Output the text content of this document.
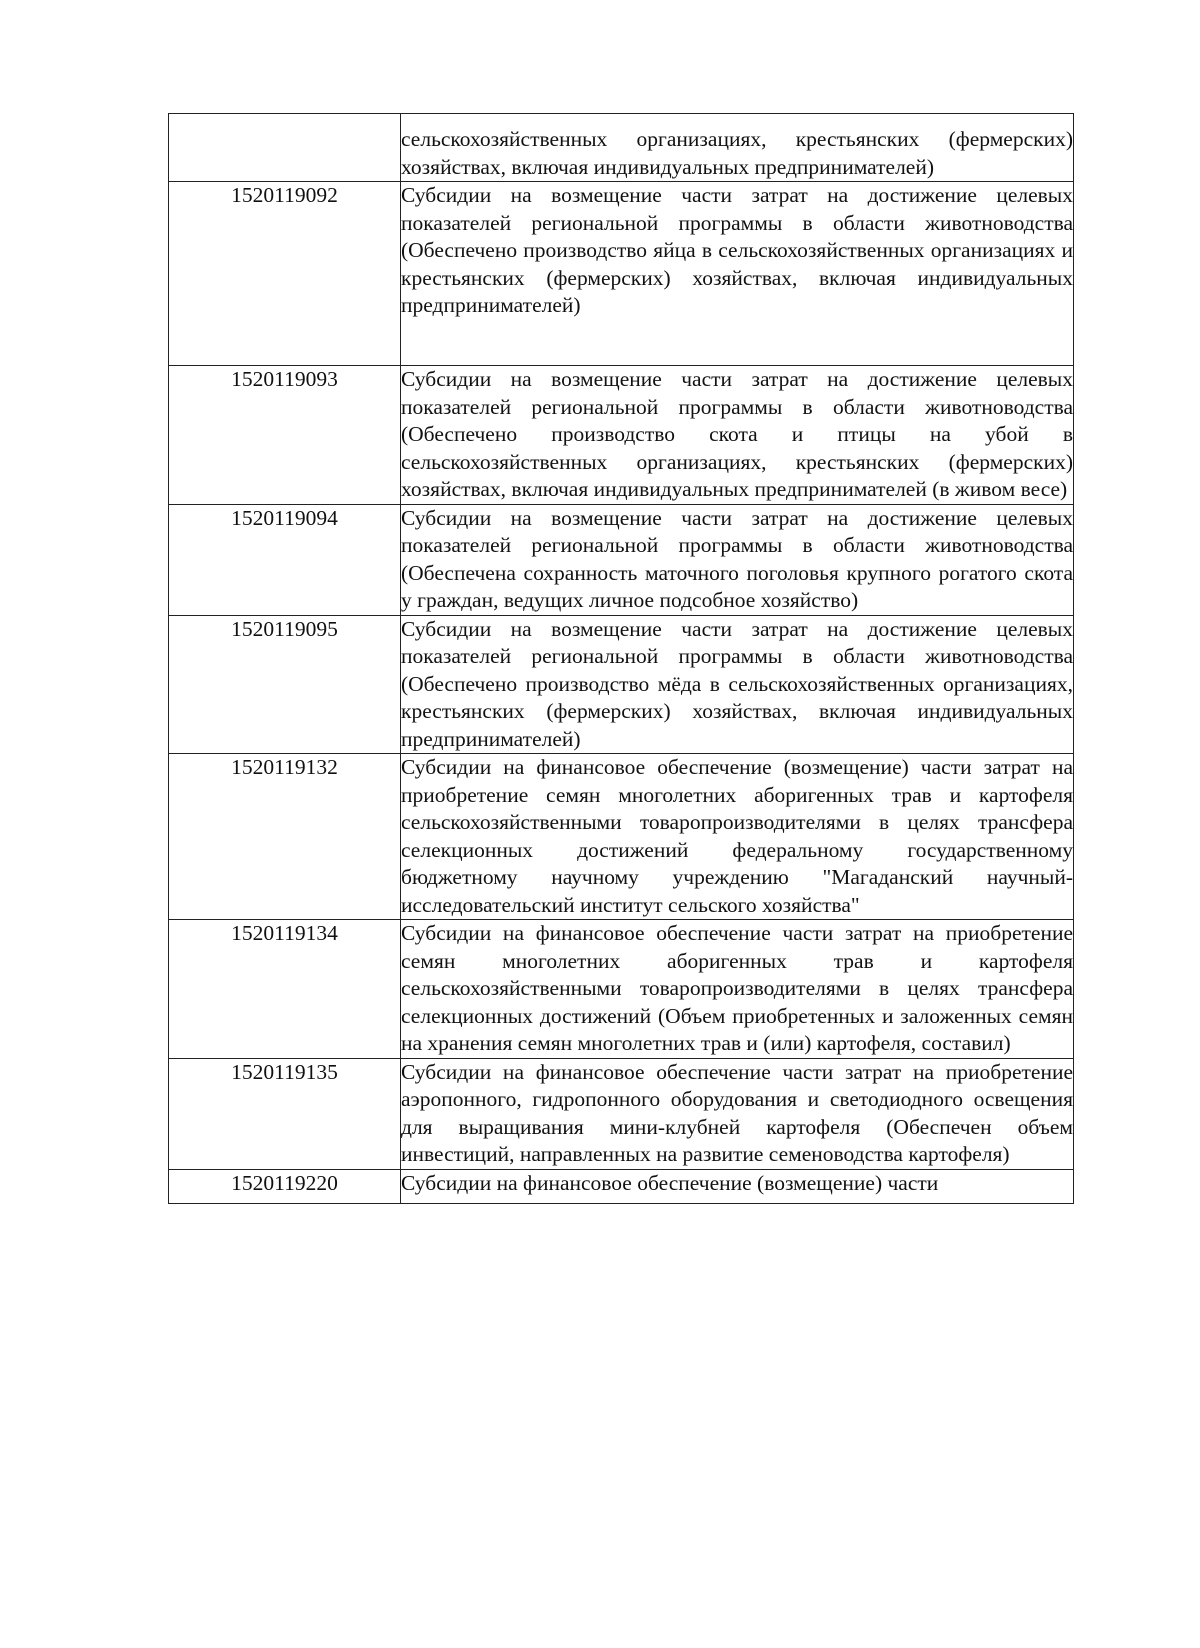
	сельскохозяйственных организациях, крестьянских (фермерских) хозяйствах, включая индивидуальных предпринимателей)
1520119092	Субсидии на возмещение части затрат на достижение целевых показателей региональной программы в области животноводства (Обеспечено производство яйца в сельскохозяйственных организациях и крестьянских (фермерских) хозяйствах, включая индивидуальных предпринимателей)
1520119093	Субсидии на возмещение части затрат на достижение целевых показателей региональной программы в области животноводства (Обеспечено производство скота и птицы на убой в сельскохозяйственных организациях, крестьянских (фермерских) хозяйствах, включая индивидуальных предпринимателей (в живом весе)
1520119094	Субсидии на возмещение части затрат на достижение целевых показателей региональной программы в области животноводства (Обеспечена сохранность маточного поголовья крупного рогатого скота у граждан, ведущих личное подсобное хозяйство)
1520119095	Субсидии на возмещение части затрат на достижение целевых показателей региональной программы в области животноводства (Обеспечено производство мёда в сельскохозяйственных организациях, крестьянских (фермерских) хозяйствах, включая индивидуальных предпринимателей)
1520119132	Субсидии на финансовое обеспечение (возмещение) части затрат на приобретение семян многолетних аборигенных трав и картофеля сельскохозяйственными товаропроизводителями в целях трансфера селекционных достижений федеральному государственному бюджетному научному учреждению "Магаданский научный-исследовательский институт сельского хозяйства"
1520119134	Субсидии на финансовое обеспечение части затрат на приобретение семян многолетних аборигенных трав и картофеля сельскохозяйственными товаропроизводителями в целях трансфера селекционных достижений (Объем приобретенных и заложенных семян на хранения семян многолетних трав и (или) картофеля, составил)
1520119135	Субсидии на финансовое обеспечение части затрат на приобретение аэропонного, гидропонного оборудования и светодиодного освещения для выращивания мини-клубней картофеля (Обеспечен объем инвестиций, направленных на развитие семеноводства картофеля)
1520119220	Субсидии на финансовое обеспечение (возмещение) части
